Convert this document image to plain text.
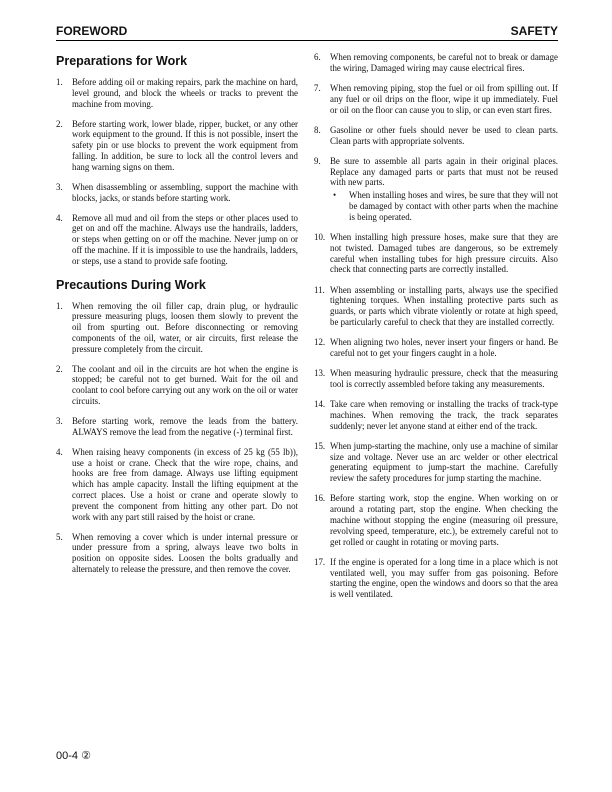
FOREWORD	SAFETY
Preparations for Work
1. Before adding oil or making repairs, park the machine on hard, level ground, and block the wheels or tracks to prevent the machine from moving.
2. Before starting work, lower blade, ripper, bucket, or any other work equipment to the ground. If this is not possible, insert the safety pin or use blocks to prevent the work equipment from falling. In addition, be sure to lock all the control levers and hang warning signs on them.
3. When disassembling or assembling, support the machine with blocks, jacks, or stands before starting work.
4. Remove all mud and oil from the steps or other places used to get on and off the machine. Always use the handrails, ladders, or steps when getting on or off the machine. Never jump on or off the machine. If it is impossible to use the handrails, ladders, or steps, use a stand to provide safe footing.
Precautions During Work
1. When removing the oil filler cap, drain plug, or hydraulic pressure measuring plugs, loosen them slowly to prevent the oil from spurting out. Before disconnecting or removing components of the oil, water, or air circuits, first release the pressure completely from the circuit.
2. The coolant and oil in the circuits are hot when the engine is stopped; be careful not to get burned. Wait for the oil and coolant to cool before carrying out any work on the oil or water circuits.
3. Before starting work, remove the leads from the battery. ALWAYS remove the lead from the negative (-) terminal first.
4. When raising heavy components (in excess of 25 kg (55 lb)), use a hoist or crane. Check that the wire rope, chains, and hooks are free from damage. Always use lifting equipment which has ample capacity. Install the lifting equipment at the correct places. Use a hoist or crane and operate slowly to prevent the component from hitting any other part. Do not work with any part still raised by the hoist or crane.
5. When removing a cover which is under internal pressure or under pressure from a spring, always leave two bolts in position on opposite sides. Loosen the bolts gradually and alternately to release the pressure, and then remove the cover.
6. When removing components, be careful not to break or damage the wiring, Damaged wiring may cause electrical fires.
7. When removing piping, stop the fuel or oil from spilling out. If any fuel or oil drips on the floor, wipe it up immediately. Fuel or oil on the floor can cause you to slip, or can even start fires.
8. Gasoline or other fuels should never be used to clean parts. Clean parts with appropriate solvents.
9. Be sure to assemble all parts again in their original places. Replace any damaged parts or parts that must not be reused with new parts.
• When installing hoses and wires, be sure that they will not be damaged by contact with other parts when the machine is being operated.
10. When installing high pressure hoses, make sure that they are not twisted. Damaged tubes are dangerous, so be extremely careful when installing tubes for high pressure circuits. Also check that connecting parts are correctly installed.
11. When assembling or installing parts, always use the specified tightening torques. When installing protective parts such as guards, or parts which vibrate violently or rotate at high speed, be particularly careful to check that they are installed correctly.
12. When aligning two holes, never insert your fingers or hand. Be careful not to get your fingers caught in a hole.
13. When measuring hydraulic pressure, check that the measuring tool is correctly assembled before taking any measurements.
14. Take care when removing or installing the tracks of track-type machines. When removing the track, the track separates suddenly; never let anyone stand at either end of the track.
15. When jump-starting the machine, only use a machine of similar size and voltage. Never use an arc welder or other electrical generating equipment to jump-start the machine. Carefully review the safety procedures for jump starting the machine.
16. Before starting work, stop the engine. When working on or around a rotating part, stop the engine. When checking the machine without stopping the engine (measuring oil pressure, revolving speed, temperature, etc.), be extremely careful not to get rolled or caught in rotating or moving parts.
17. If the engine is operated for a long time in a place which is not ventilated well, you may suffer from gas poisoning. Before starting the engine, open the windows and doors so that the area is well ventilated.
00-4 ②
